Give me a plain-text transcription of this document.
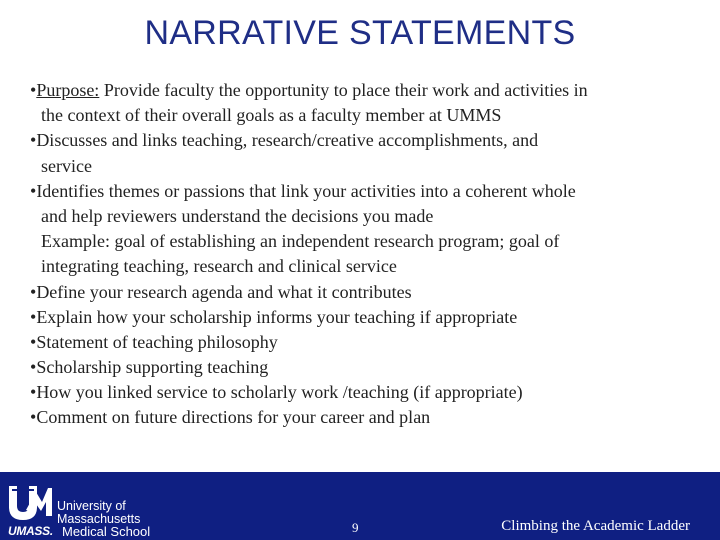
NARRATIVE STATEMENTS
•Purpose: Provide faculty the opportunity to place their work and activities in
the context of their overall goals as a faculty member at UMMS
•Discusses and links teaching, research/creative accomplishments, and
service
•Identifies themes or passions that link your activities into a coherent whole
and help reviewers understand the decisions you made
Example: goal of establishing an independent research program; goal of
integrating teaching, research and clinical service
•Define your research agenda and what it contributes
•Explain how your scholarship informs your teaching if appropriate
•Statement of teaching philosophy
•Scholarship supporting teaching
•How you linked service to scholarly work /teaching (if appropriate)
•Comment on future directions for your career and plan
University of
Massachusetts
UMASS. Medical School	9	Climbing the Academic Ladder
